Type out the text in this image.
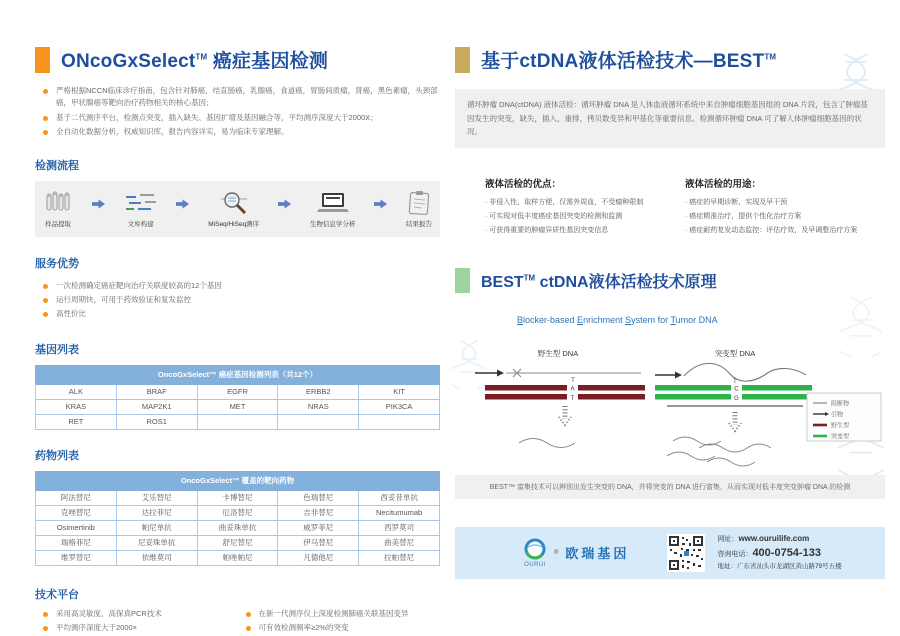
ONcoGxSelect™ 癌症基因检测
严格根据NCCN临床诊疗指南，包含针对肺癌，结直肠癌，乳腺癌，食道癌，胃肠间质瘤，肾癌，黑色素瘤，头颈部癌，甲状腺癌等靶向治疗药物相关的核心基因；
基于二代测序平台，检测点突变，插入缺失、基因扩增及基因融合等，平均测序深度大于2000X；
全自动化数据分析，权威知识库，报告内容详实，易为临床专家理解。
检测流程
样品提取	文库构建	MiSeq/HiSeq测序	生物信息学分析	结果报告
服务优势
一次检测确定癌症靶向治疗关联度较高的12个基因
运行周期快，可用于药效验证和复发监控
高性价比
基因列表
OncoGxSelect™ 癌症基因检测列表（共12个）				
ALK	BRAF	EGFR	ERBB2	KIT
KRAS	MAP2K1	MET	NRAS	PIK3CA
RET	ROS1			
药物列表
OncoGxSelect™ 覆盖的靶向药物				
阿法替尼	艾乐替尼	卡博替尼	色瑞替尼	西妥昔单抗
克唑替尼	达拉菲尼	厄洛替尼	吉非替尼	Necitumumab
Osimertinib	帕尼单抗	曲妥珠单抗	威罗菲尼	西罗莫司
瑞格菲尼	尼妥珠单抗	舒尼替尼	伊马替尼	曲美替尼
维罗替尼	依维莫司	帕唑帕尼	凡德他尼	拉帕替尼
技术平台
采用高灵敏度、高保真PCR技术
平均测序深度大于2000×
在新一代测序仪上深度检测肺癌关联基因变异
可有效检测频率≥2%的突变
基于ctDNA液体活检技术—BEST™
循环肿瘤 DNA(ctDNA) 液体活检：循环肿瘤 DNA 是人体血液循环系统中来自肿瘤细胞基因组的 DNA 片段，包含了肿瘤基因发生的突变，缺失，插入，重排，拷贝数变异和甲基化等重要信息。检测循环肿瘤 DNA 可了解人体肿瘤细胞基因的状况。
液体活检的优点：
· 非侵入性，取样方便，仅需外周血，不受瘤种限制
· 可实现对低丰度癌症基因突变的检测和监测
· 可获得重要的肿瘤异质性基因突变信息
液体活检的用途：
· 癌症的早期诊断，实现及早干预
· 癌症精准治疗，提供个性化治疗方案
· 癌症耐药复发动态监控：评估疗效，及早调整治疗方案
BEST™ ctDNA液体活检技术原理
Blocker-based Enrichment System for Tumor DNA
野生型 DNA
T
A
T
突变型 DNA
T
C
G
阻断物
引物
野生型
突变型
BEST™ 富集技术可以辨别出发生突变的 DNA，并将突变的 DNA 进行富集，从而实现对低丰度突变肿瘤 DNA 的检测
OURUI
® 欧瑞基因
网址：www.ouruilife.com
咨询电话：400-0754-133
地址：广东省汕头市龙湖区黄山路79号五楼
